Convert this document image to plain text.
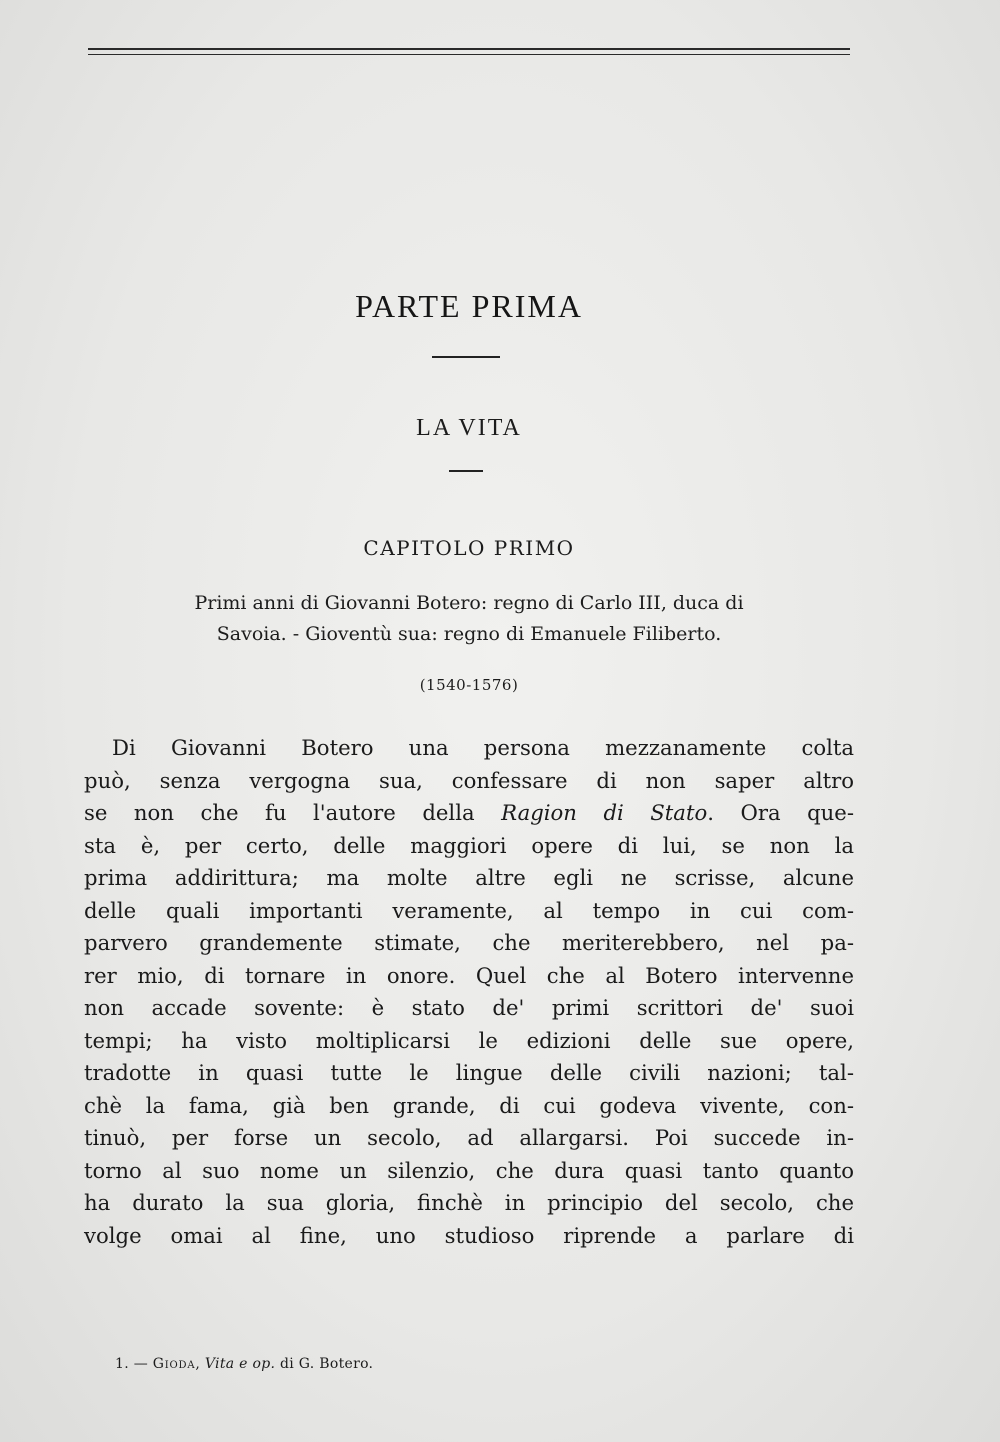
PARTE PRIMA
LA VITA
CAPITOLO PRIMO
Primi anni di Giovanni Botero: regno di Carlo III, duca di
Savoia. - Gioventù sua: regno di Emanuele Filiberto.
(1540-1576)
Di Giovanni Botero una persona mezzanamente colta
può, senza vergogna sua, confessare di non saper altro
se non che fu l'autore della Ragion di Stato. Ora que-
sta è, per certo, delle maggiori opere di lui, se non la
prima addirittura; ma molte altre egli ne scrisse, alcune
delle quali importanti veramente, al tempo in cui com-
parvero grandemente stimate, che meriterebbero, nel pa-
rer mio, di tornare in onore. Quel che al Botero intervenne
non accade sovente: è stato de' primi scrittori de' suoi
tempi; ha visto moltiplicarsi le edizioni delle sue opere,
tradotte in quasi tutte le lingue delle civili nazioni; tal-
chè la fama, già ben grande, di cui godeva vivente, con-
tinuò, per forse un secolo, ad allargarsi. Poi succede in-
torno al suo nome un silenzio, che dura quasi tanto quanto
ha durato la sua gloria, finchè in principio del secolo, che
volge omai al fine, uno studioso riprende a parlare di
1. — Gioda, Vita e op. di G. Botero.
